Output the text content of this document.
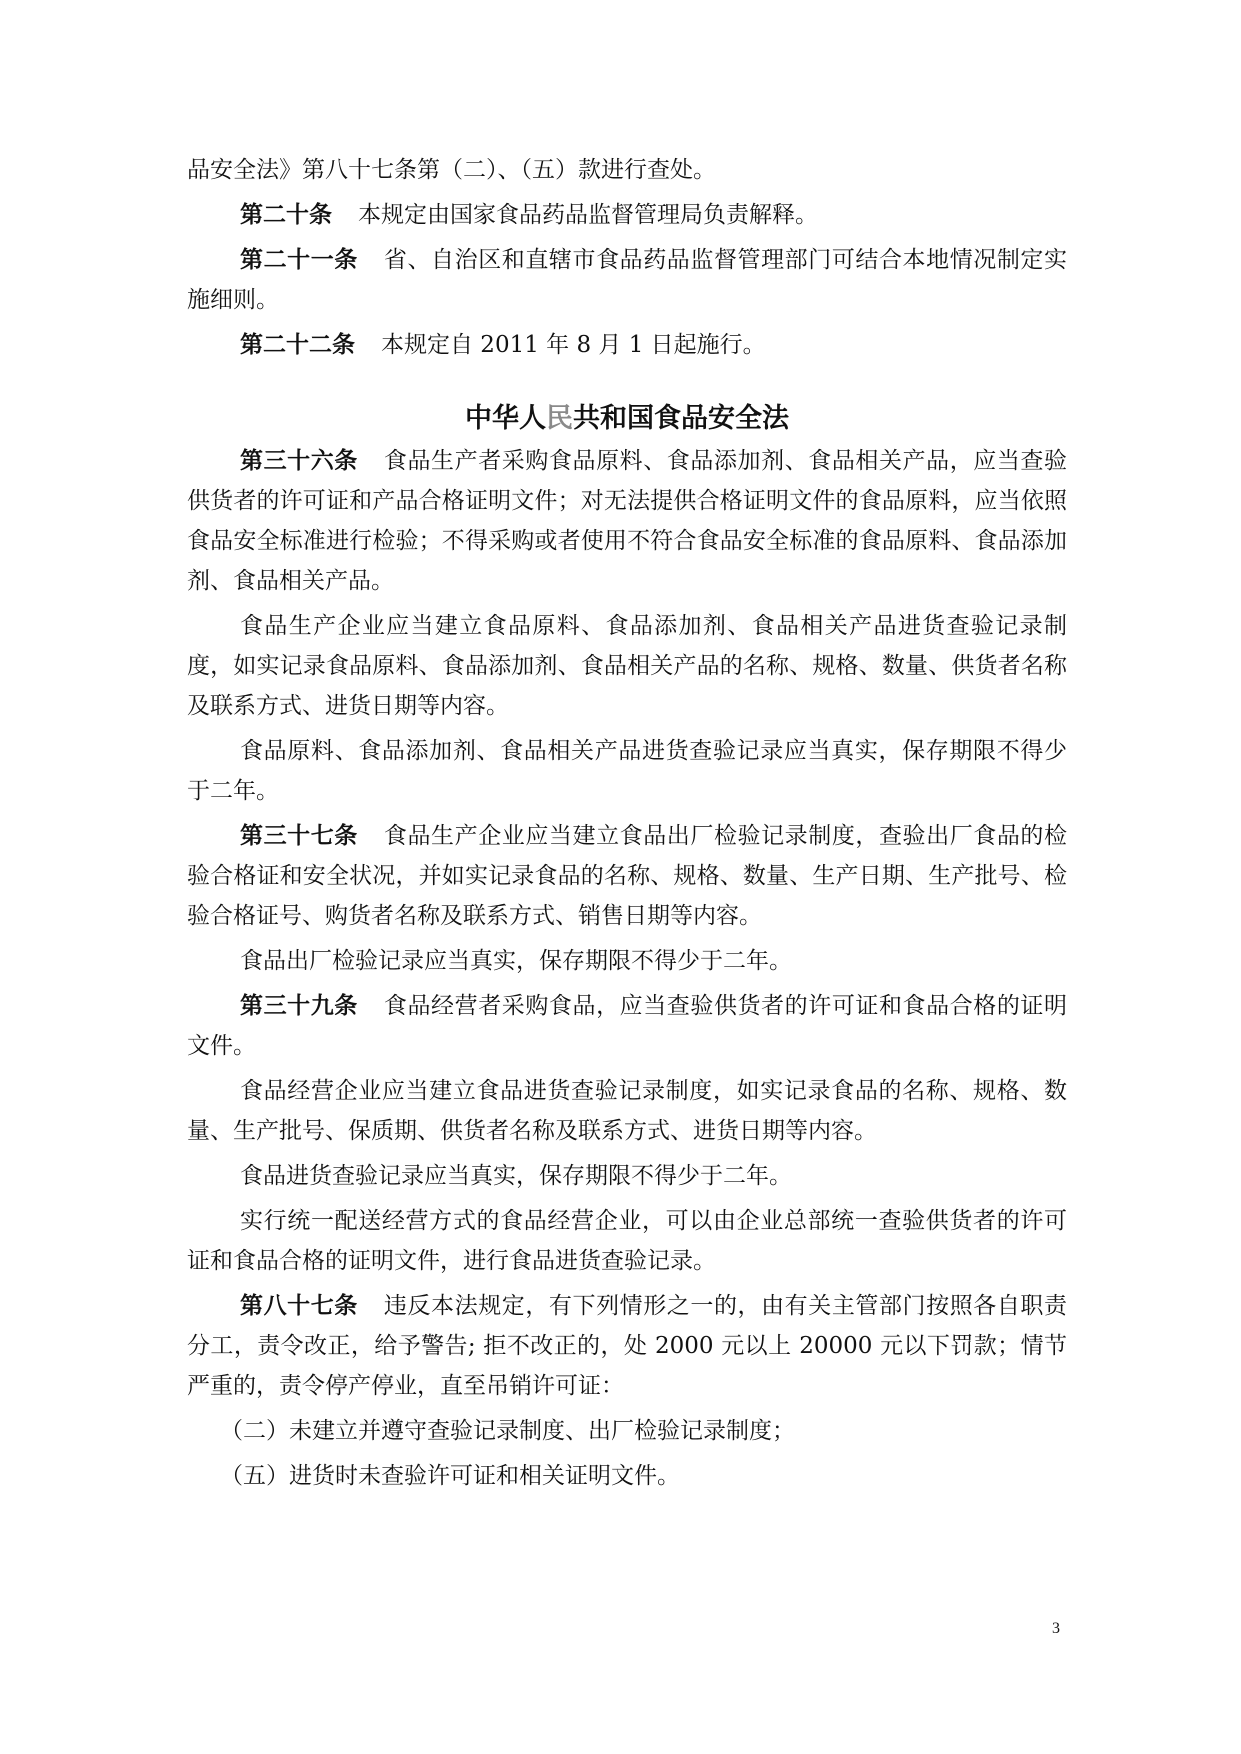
品安全法》第八十七条第（二）、（五）款进行查处。

第二十条 本规定由国家食品药品监督管理局负责解释。

第二十一条 省、自治区和直辖市食品药品监督管理部门可结合本地情况制定实施细则。

第二十二条 本规定自 2011 年 8 月 1 日起施行。

中华人民共和国食品安全法

第三十六条 食品生产者采购食品原料、食品添加剂、食品相关产品，应当查验供货者的许可证和产品合格证明文件；对无法提供合格证明文件的食品原料，应当依照食品安全标准进行检验；不得采购或者使用不符合食品安全标准的食品原料、食品添加剂、食品相关产品。

食品生产企业应当建立食品原料、食品添加剂、食品相关产品进货查验记录制度，如实记录食品原料、食品添加剂、食品相关产品的名称、规格、数量、供货者名称及联系方式、进货日期等内容。

食品原料、食品添加剂、食品相关产品进货查验记录应当真实，保存期限不得少于二年。

第三十七条 食品生产企业应当建立食品出厂检验记录制度，查验出厂食品的检验合格证和安全状况，并如实记录食品的名称、规格、数量、生产日期、生产批号、检验合格证号、购货者名称及联系方式、销售日期等内容。

食品出厂检验记录应当真实，保存期限不得少于二年。

第三十九条 食品经营者采购食品，应当查验供货者的许可证和食品合格的证明文件。

食品经营企业应当建立食品进货查验记录制度，如实记录食品的名称、规格、数量、生产批号、保质期、供货者名称及联系方式、进货日期等内容。

食品进货查验记录应当真实，保存期限不得少于二年。

实行统一配送经营方式的食品经营企业，可以由企业总部统一查验供货者的许可证和食品合格的证明文件，进行食品进货查验记录。

第八十七条 违反本法规定，有下列情形之一的，由有关主管部门按照各自职责分工，责令改正，给予警告; 拒不改正的，处 2000 元以上 20000 元以下罚款；情节严重的，责令停产停业，直至吊销许可证：

（二）未建立并遵守查验记录制度、出厂检验记录制度；

（五）进货时未查验许可证和相关证明文件。

3
